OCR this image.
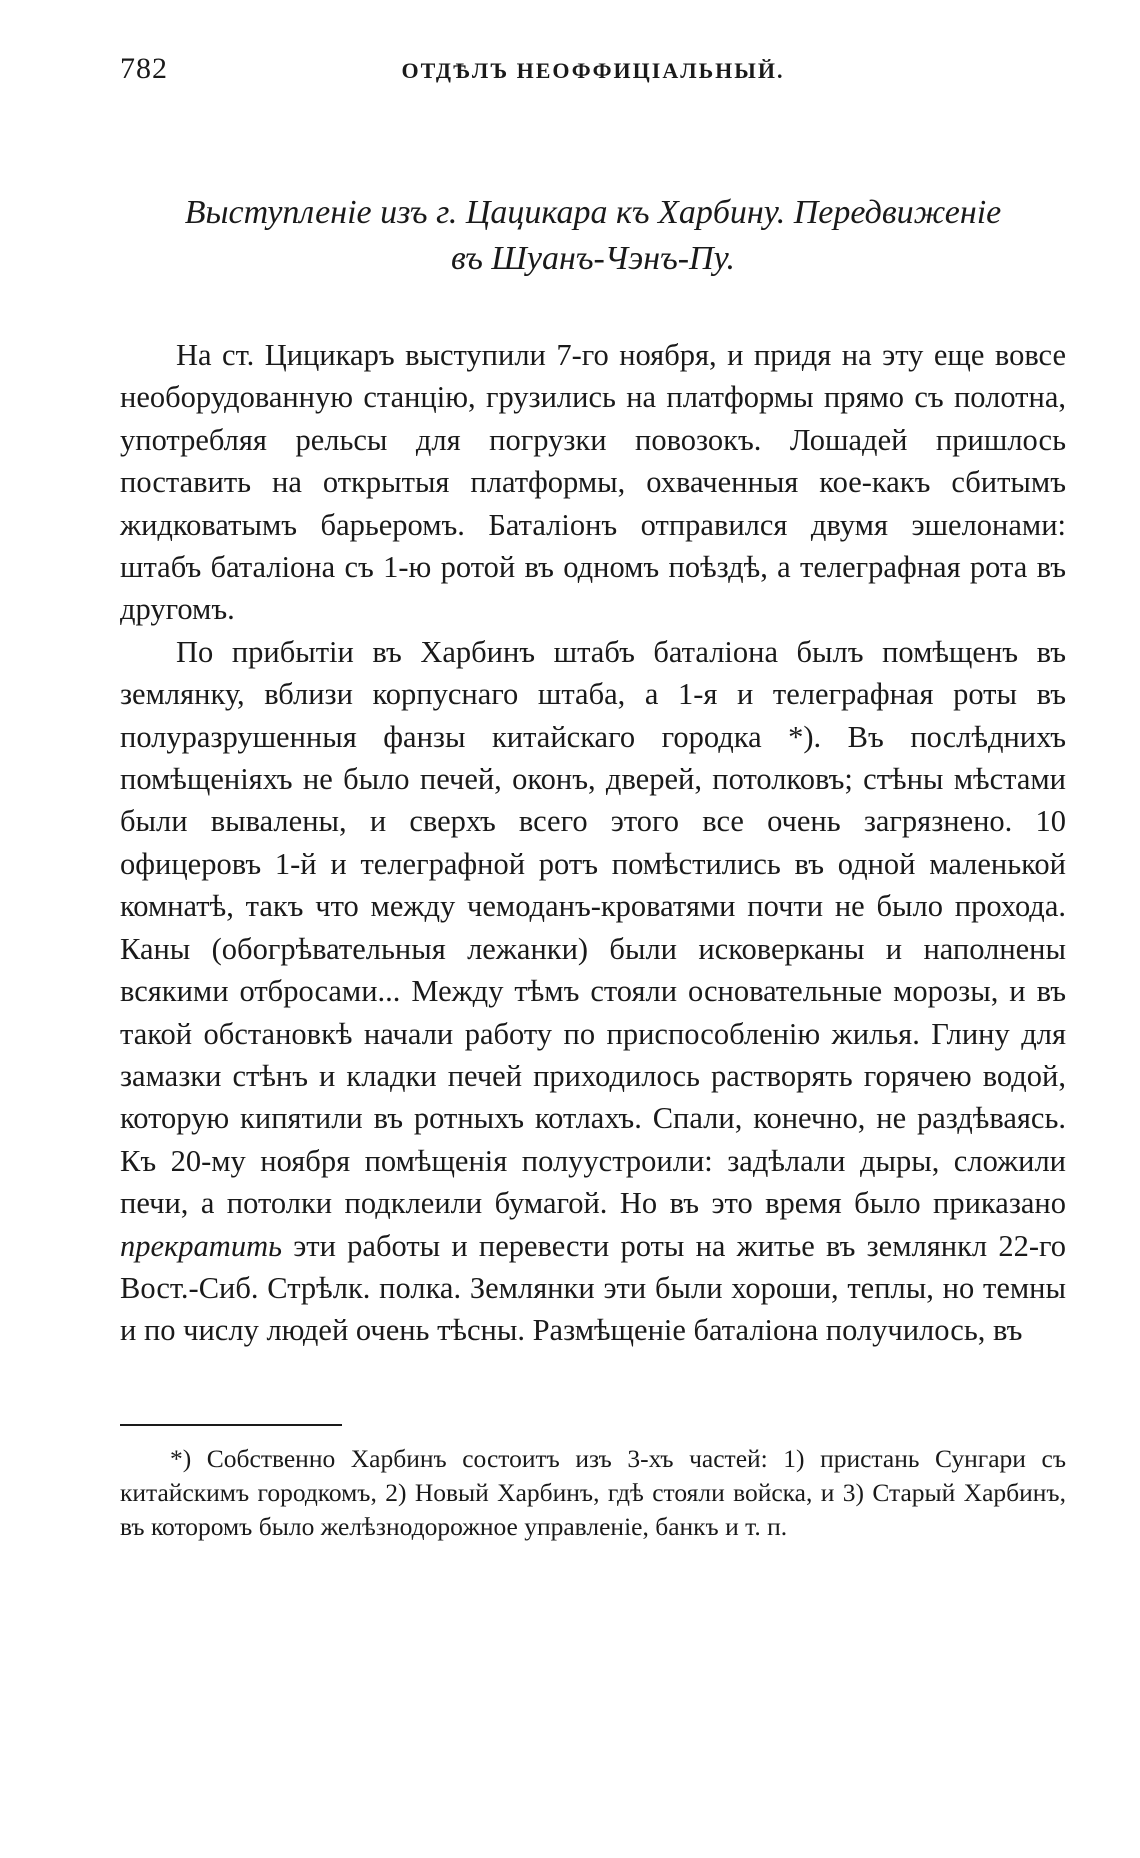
782	ОТДѢЛЪ НЕОФФИЦІАЛЬНЫЙ.
Выступленіе изъ г. Цацикара къ Харбину. Передвиженіе
въ Шуанъ-Чэнъ-Пу.

На ст. Цицикаръ выступили 7-го ноября, и придя на эту еще вовсе необорудованную станцію, грузились на платформы прямо съ полотна, употребляя рельсы для погрузки повозокъ. Лошадей пришлось поставить на открытыя платформы, охваченныя кое-какъ сбитымъ жидковатымъ барьеромъ. Баталіонъ отправился двумя эшелонами: штабъ баталіона съ 1-ю ротой въ одномъ поѣздѣ, а телеграфная рота въ другомъ.

По прибытіи въ Харбинъ штабъ баталіона былъ помѣщенъ въ землянку, вблизи корпуснаго штаба, а 1-я и телеграфная роты въ полуразрушенныя фанзы китайскаго городка *). Въ послѣднихъ помѣщеніяхъ не было печей, оконъ, дверей, потолковъ; стѣны мѣстами были вывалены, и сверхъ всего этого все очень загрязнено. 10 офицеровъ 1-й и телеграфной ротъ помѣстились въ одной маленькой комнатѣ, такъ что между чемоданъ-кроватями почти не было прохода. Каны (обогрѣвательныя лежанки) были исковерканы и наполнены всякими отбросами... Между тѣмъ стояли основательные морозы, и въ такой обстановкѣ начали работу по приспособленію жилья. Глину для замазки стѣнъ и кладки печей приходилось растворять горячею водой, которую кипятили въ ротныхъ котлахъ. Спали, конечно, не раздѣваясь. Къ 20-му ноября помѣщенія полуустроили: задѣлали дыры, сложили печи, а потолки подклеили бумагой. Но въ это время было приказано прекратить эти работы и перевести роты на житье въ землянкл 22-го Вост.-Сиб. Стрѣлк. полка. Землянки эти были хороши, теплы, но темны и по числу людей очень тѣсны. Размѣщеніе баталіона получилось, въ

*) Собственно Харбинъ состоитъ изъ 3-хъ частей: 1) пристань Сунгари съ китайскимъ городкомъ, 2) Новый Харбинъ, гдѣ стояли войска, и 3) Старый Харбинъ, въ которомъ было желѣзнодорожное управленіе, банкъ и т. п.
